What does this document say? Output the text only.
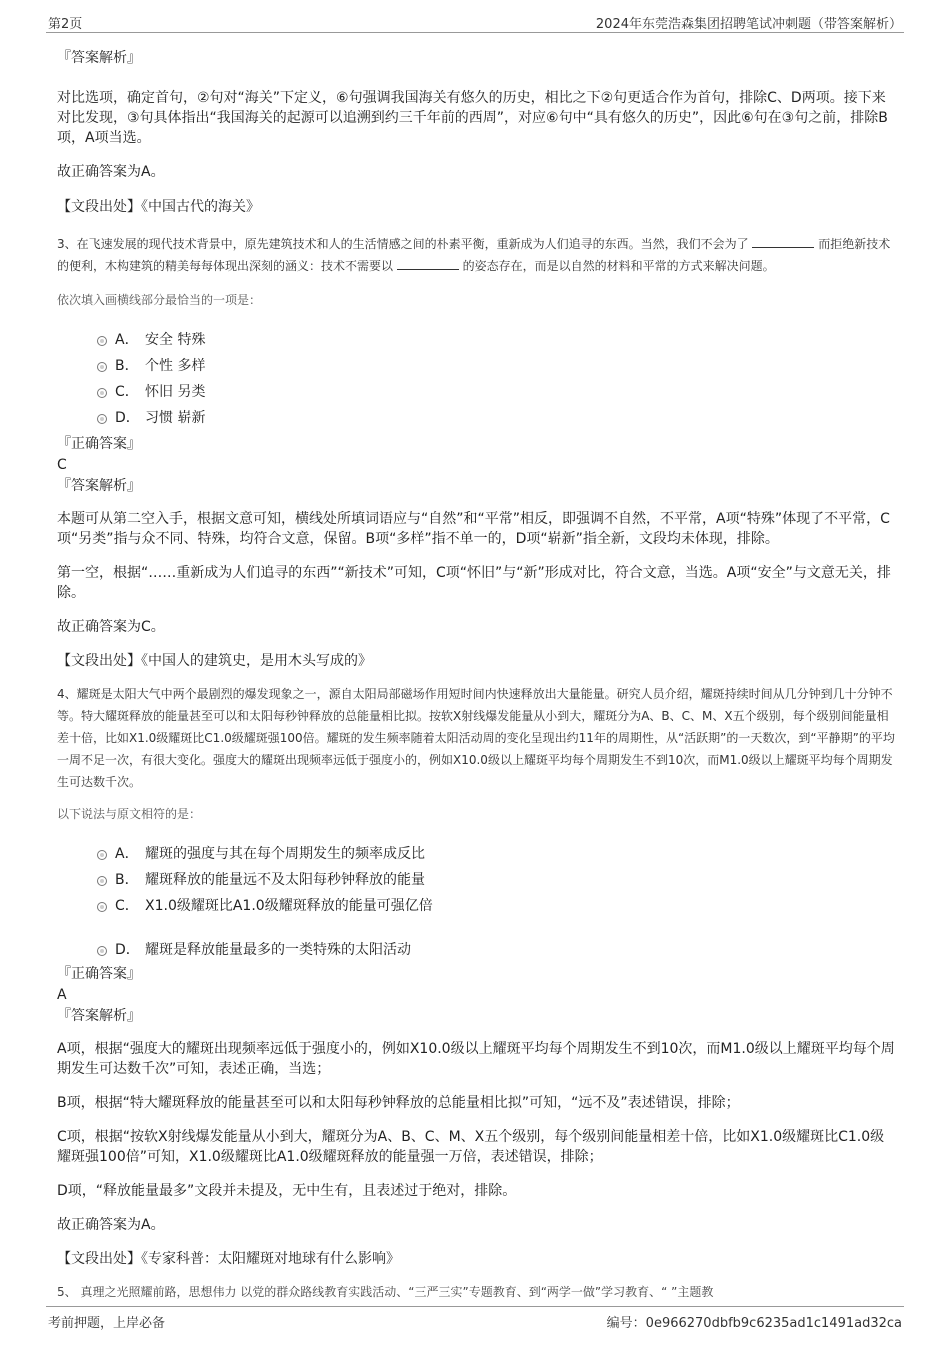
第2页	2024年东莞浩森集团招聘笔试冲刺题（带答案解析）

『答案解析』

对比选项，确定首句，②句对“海关”下定义，⑥句强调我国海关有悠久的历史，相比之下②句更适合作为首句，排除C、D两项。接下来对比发现，③句具体指出“我国海关的起源可以追溯到约三千年前的西周”，对应⑥句中“具有悠久的历史”，因此⑥句在③句之前，排除B项，A项当选。

故正确答案为A。

【文段出处】《中国古代的海关》

3、在飞速发展的现代技术背景中，原先建筑技术和人的生活情感之间的朴素平衡，重新成为人们追寻的东西。当然，我们不会为了	而拒绝新技术的便利，木构建筑的精美每每体现出深刻的涵义：技术不需要以	的姿态存在，而是以自然的材料和平常的方式来解决问题。

依次填入画横线部分最恰当的一项是：

A． 安全 特殊
B． 个性 多样
C． 怀旧 另类
D． 习惯 崭新

『正确答案』

C

『答案解析』

本题可从第二空入手，根据文意可知，横线处所填词语应与“自然”和“平常”相反，即强调不自然，不平常，A项“特殊”体现了不平常，C项“另类”指与众不同、特殊，均符合文意，保留。B项“多样”指不单一的，D项“崭新”指全新，文段均未体现，排除。

第一空，根据“……重新成为人们追寻的东西”“新技术”可知，C项“怀旧”与“新”形成对比，符合文意，当选。A项“安全”与文意无关，排除。

故正确答案为C。

【文段出处】《中国人的建筑史，是用木头写成的》

4、耀斑是太阳大气中两个最剧烈的爆发现象之一，源自太阳局部磁场作用短时间内快速释放出大量能量。研究人员介绍，耀斑持续时间从几分钟到几十分钟不等。特大耀斑释放的能量甚至可以和太阳每秒钟释放的总能量相比拟。按软X射线爆发能量从小到大，耀斑分为A、B、C、M、X五个级别，每个级别间能量相差十倍，比如X1.0级耀斑比C1.0级耀斑强100倍。耀斑的发生频率随着太阳活动周的变化呈现出约11年的周期性，从“活跃期”的一天数次，到“平静期”的平均一周不足一次，有很大变化。强度大的耀斑出现频率远低于强度小的，例如X10.0级以上耀斑平均每个周期发生不到10次，而M1.0级以上耀斑平均每个周期发生可达数千次。

以下说法与原文相符的是：

A． 耀斑的强度与其在每个周期发生的频率成反比
B． 耀斑释放的能量远不及太阳每秒钟释放的能量
C． X1.0级耀斑比A1.0级耀斑释放的能量可强亿倍
D． 耀斑是释放能量最多的一类特殊的太阳活动

『正确答案』

A

『答案解析』

A项，根据“强度大的耀斑出现频率远低于强度小的，例如X10.0级以上耀斑平均每个周期发生不到10次，而M1.0级以上耀斑平均每个周期发生可达数千次”可知，表述正确，当选；

B项，根据“特大耀斑释放的能量甚至可以和太阳每秒钟释放的总能量相比拟”可知，“远不及”表述错误，排除；

C项，根据“按软X射线爆发能量从小到大，耀斑分为A、B、C、M、X五个级别，每个级别间能量相差十倍，比如X1.0级耀斑比C1.0级耀斑强100倍”可知，X1.0级耀斑比A1.0级耀斑释放的能量强一万倍，表述错误，排除；

D项，“释放能量最多”文段并未提及，无中生有，且表述过于绝对，排除。

故正确答案为A。

【文段出处】《专家科普：太阳耀斑对地球有什么影响》

5、 真理之光照耀前路，思想伟力 以党的群众路线教育实践活动、“三严三实”专题教育、到“两学一做”学习教育、“ ”主题教
考前押题，上岸必备	编号：0e966270dbfb9c6235ad1c1491ad32ca
